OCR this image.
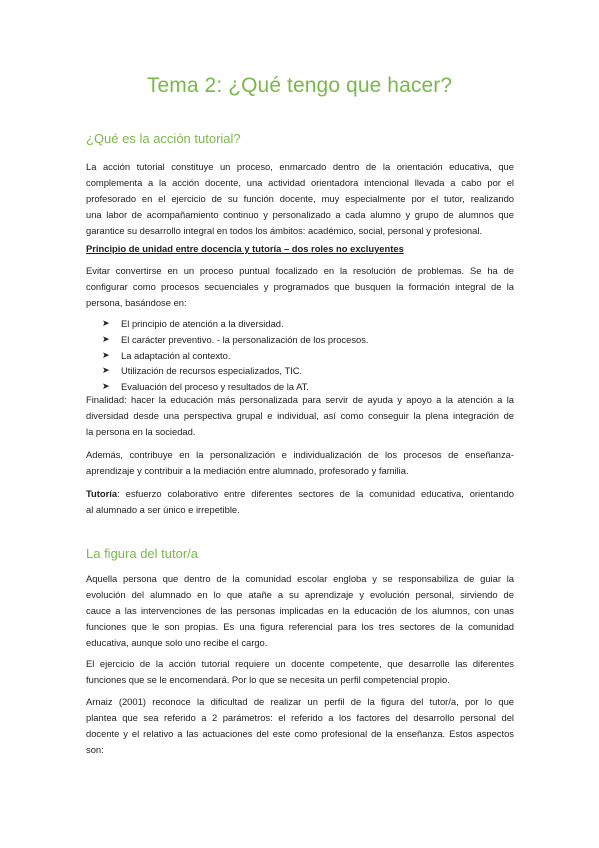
Tema 2: ¿Qué tengo que hacer?
¿Qué es la acción tutorial?
La acción tutorial constituye un proceso, enmarcado dentro de la orientación educativa, que
complementa a la acción docente, una actividad orientadora intencional llevada a cabo por el
profesorado en el ejercicio de su función docente, muy especialmente por el tutor, realizando
una labor de acompañamiento continuo y personalizado a cada alumno y grupo de alumnos que
garantice su desarrollo integral en todos los ámbitos: académico, social, personal y profesional.

Principio de unidad entre docencia y tutoría – dos roles no excluyentes

Evitar convertirse en un proceso puntual focalizado en la resolución de problemas. Se ha de
configurar como procesos secuenciales y programados que busquen la formación integral de la
persona, basándose en:
➤ El principio de atención a la diversidad.
➤ El carácter preventivo. - la personalización de los procesos.
➤ La adaptación al contexto.
➤ Utilización de recursos especializados, TIC.
➤ Evaluación del proceso y resultados de la AT.
Finalidad: hacer la educación más personalizada para servir de ayuda y apoyo a la atención a la
diversidad desde una perspectiva grupal e individual, así como conseguir la plena integración de
la persona en la sociedad.
Además, contribuye en la personalización e individualización de los procesos de enseñanza-
aprendizaje y contribuir a la mediación entre alumnado, profesorado y familia.
Tutoría: esfuerzo colaborativo entre diferentes sectores de la comunidad educativa, orientando
al alumnado a ser único e irrepetible.
La figura del tutor/a
Aquella persona que dentro de la comunidad escolar engloba y se responsabiliza de guiar la
evolución del alumnado en lo que atañe a su aprendizaje y evolución personal, sirviendo de
cauce a las intervenciones de las personas implicadas en la educación de los alumnos, con unas
funciones que le son propias. Es una figura referencial para los tres sectores de la comunidad
educativa, aunque solo uno recibe el cargo.
El ejercicio de la acción tutorial requiere un docente competente, que desarrolle las diferentes
funciones que se le encomendará. Por lo que se necesita un perfil competencial propio.
Arnaiz (2001) reconoce la dificultad de realizar un perfil de la figura del tutor/a, por lo que
plantea que sea referido a 2 parámetros: el referido a los factores del desarrollo personal del
docente y el relativo a las actuaciones del este como profesional de la enseñanza. Estos aspectos
son:
